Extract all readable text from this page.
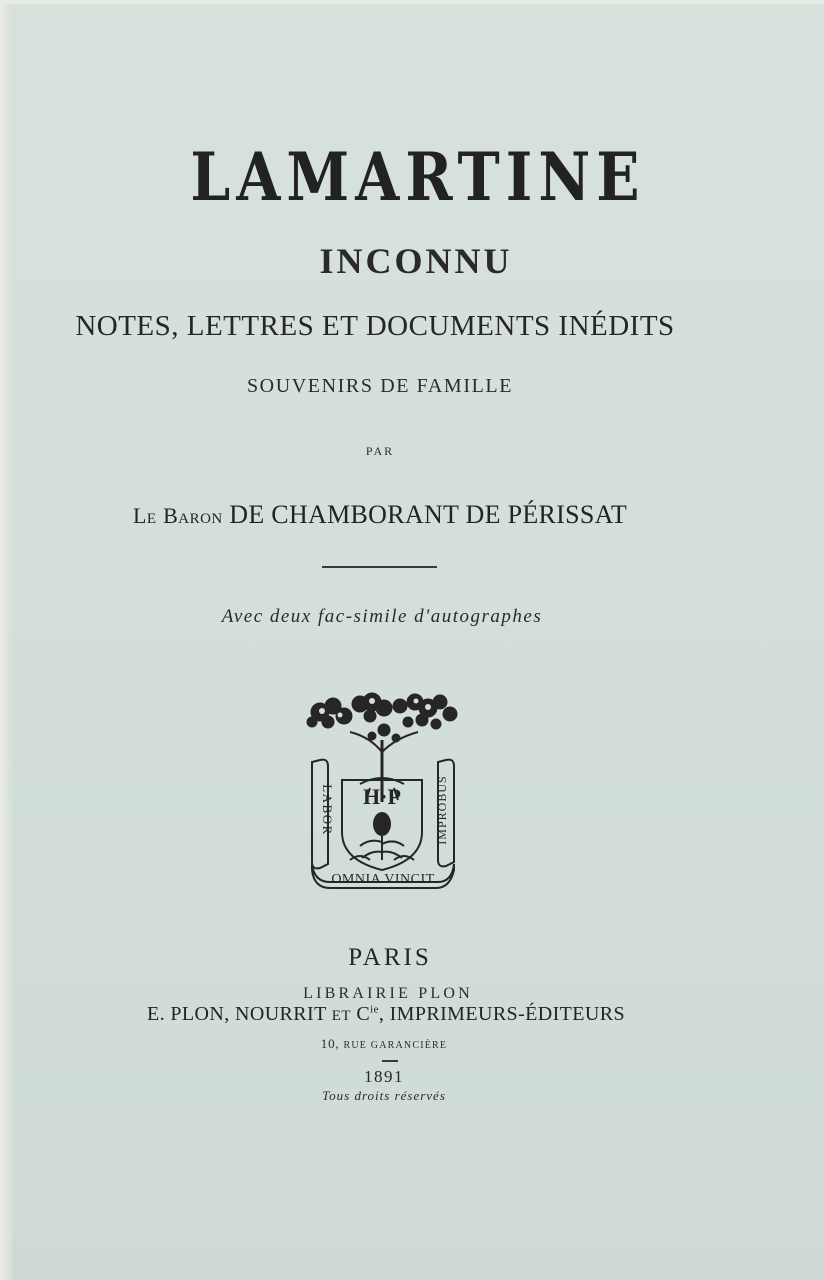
LAMARTINE
INCONNU
NOTES, LETTRES ET DOCUMENTS INÉDITS
SOUVENIRS DE FAMILLE
PAR
Le Baron DE CHAMBORANT DE PÉRISSAT
Avec deux fac-simile d'autographes
LABOR	IMPROBUS
H·P
OMNIA VINCIT
PARIS
LIBRAIRIE PLON
E. PLON, NOURRIT ET $C^{ie}$, IMPRIMEURS-ÉDITEURS
10, RUE GARANCIÈRE
1891
Tous droits réservés
